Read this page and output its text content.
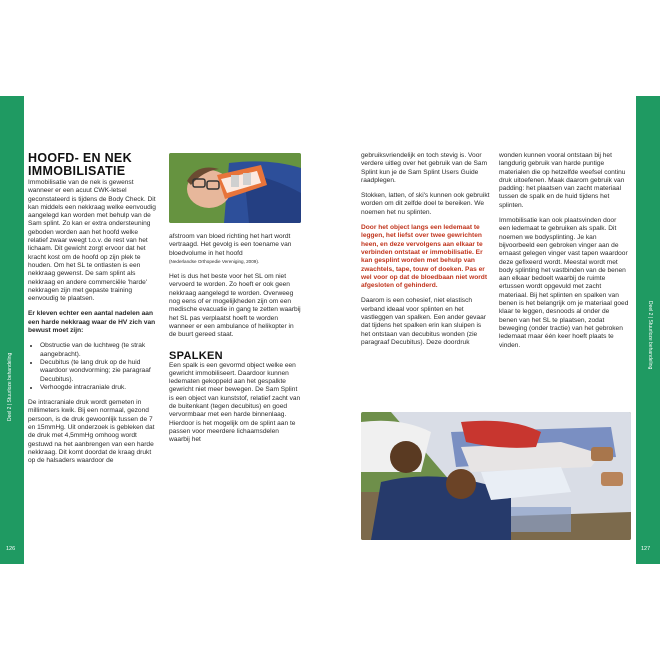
Deel 2 | Stuurloze behandeling
126
Deel 2 | Stuurloze behandeling
127
HOOFD- EN NEK IMMOBILISATIE

Immobilisatie van de nek is gewenst wanneer er een acuut CWK-letsel geconstateerd is tijdens de Body Check. Dit kan middels een nekkraag welke eenvoudig aangelegd kan worden met behulp van de Sam splint. Zo kan er extra ondersteuning geboden worden aan het hoofd welke relatief zwaar weegt t.o.v. de rest van het lichaam. Dit gewicht zorgt ervoor dat het kracht kost om de hoofd op zijn plek te houden. Om het SL te ontlasten is een nekkraag gewenst. De sam splint als nekkraag en andere commerciële 'harde' nekkragen zijn met gepaste training eenvoudig te plaatsen.

Er kleven echter een aantal nadelen aan een harde nekkraag waar de HV zich van bewust moet zijn:

• Obstructie van de luchtweg (te strak aangebracht).
• Decubitus (te lang druk op de huid waardoor wondvorming; zie paragraaf Decubitus).
• Verhoogde intracraniale druk.

De intracraniale druk wordt gemeten in millimeters kwik. Bij een normaal, gezond persoon, is de druk gewoonlijk tussen de 7 en 15mmHg. Uit onderzoek is gebleken dat de druk met 4,5mmHg omhoog wordt gestuwd na het aanbrengen van een harde nekkraag. Dit komt doordat de kraag drukt op de halsaders waardoor de

afstroom van bloed richting het hart wordt vertraagd. Het gevolg is een toename van bloedvolume in het hoofd

(Nederlandse Orthopedie Vereniging, 2009).

Het is dus het beste voor het SL om niet vervoerd te worden. Zo hoeft er ook geen nekkraag aangelegd te worden. Overweeg nog eens of er mogelijkheden zijn om een medische evacuatie in gang te zetten waarbij het SL pas verplaatst hoeft te worden wanneer er een ambulance of helikopter in de buurt gereed staat.

SPALKEN

Een spalk is een gevormd object welke een gewricht immobiliseert. Daardoor kunnen ledematen gekoppeld aan het gespalkte gewricht niet meer bewegen. De Sam Splint is een object van kunststof, relatief zacht van de buitenkant (tegen decubitus) en goed vervormbaar met een harde binnenlaag. Hierdoor is het mogelijk om de splint aan te passen voor meerdere lichaamsdelen waarbij het

gebruiksvriendelijk en toch stevig is. Voor verdere uitleg over het gebruik van de Sam Splint kun je de Sam Splint Users Guide raadplegen.

Stokken, latten, of ski's kunnen ook gebruikt worden om dit zelfde doel te bereiken. We noemen het nu splinten.

Door het object langs een ledemaat te leggen, het liefst over twee gewrichten heen, en deze vervolgens aan elkaar te verbinden ontstaat er immobilisatie. Er kan gesplint worden met behulp van zwachtels, tape, touw of doeken. Pas er wel voor op dat de bloedbaan niet wordt afgesloten of gehinderd.

Daarom is een cohesief, niet elastisch verband ideaal voor splinten en het vastleggen van spalken. Een ander gevaar dat tijdens het spalken erin kan sluipen is het ontstaan van decubitus wonden (zie paragraaf Decubitus). Deze doordruk

wonden kunnen vooral ontstaan bij het langdurig gebruik van harde puntige materialen die op hetzelfde weefsel continu druk uitoefenen. Maak daarom gebruik van padding: het plaatsen van zacht materiaal tussen de spalk en de huid tijdens het splinten.

Immobilisatie kan ook plaatsvinden door een ledemaat te gebruiken als spalk. Dit noemen we bodysplinting. Je kan bijvoorbeeld een gebroken vinger aan de ernaast gelegen vinger vast tapen waardoor deze gefixeerd wordt. Meestal wordt met body splinting het vastbinden van de benen aan elkaar bedoelt waarbij de ruimte ertussen wordt opgevuld met zacht materiaal. Bij het splinten en spalken van benen is het belangrijk om je materiaal goed klaar te leggen, desnoods al onder de benen van het SL te plaatsen, zodat beweging (onder tractie) van het gebroken ledemaat maar één keer hoeft plaats te vinden.
